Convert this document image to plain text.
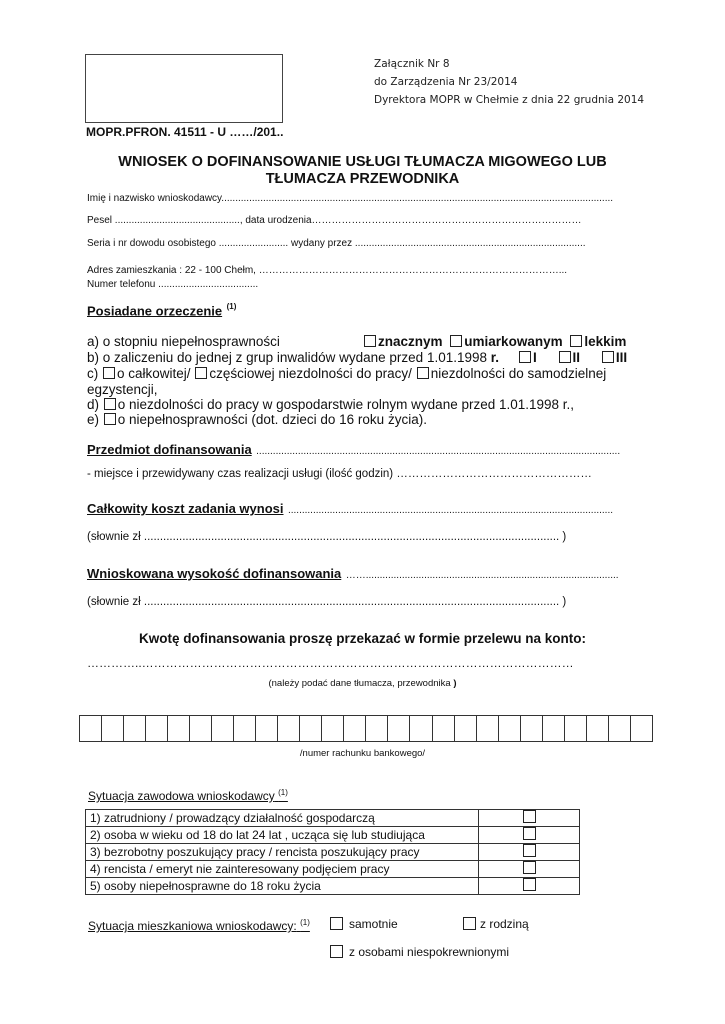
Załącznik Nr 8
do Zarządzenia Nr 23/2014
Dyrektora MOPR w Chełmie z dnia 22 grudnia 2014
MOPR.PFRON. 41511 - U ……/201..
WNIOSEK O DOFINANSOWANIE USŁUGI TŁUMACZA MIGOWEGO LUB
TŁUMACZA PRZEWODNIKA
Imię i nazwisko wnioskodawcy.............................................................................................................................................
Pesel ............................................., data urodzenia………………………………………………………………………
Seria i nr dowodu osobistego ......................... wydany przez ...................................................................................
Adres zamieszkania : 22 - 100 Chełm, ………………………………………………………………………………...
Numer telefonu ....................................
Posiadane orzeczenie $^{(1)}$
a) o stopniu niepełnosprawności	znacznym umiarkowanym lekkim
b) o zaliczeniu do jednej z grup inwalidów wydane przed 1.01.1998 r.	I	II	III
c) o całkowitej/ częściowej niezdolności do pracy/ niezdolności do samodzielnej
egzystencji,
d) o niezdolności do pracy w gospodarstwie rolnym wydane przed 1.01.1998 r.,
e) o niepełnosprawności (dot. dzieci do 16 roku życia).
Przedmiot dofinansowania ...................................................................................................................................
- miejsce i przewidywany czas realizacji usługi (ilość godzin) ……………………………………………
Całkowity koszt zadania wynosi .....................................................................................................................
(słownie zł .................................................................................................................................. )
Wnioskowana wysokość dofinansowania ……...........................................................................................
(słownie zł .................................................................................................................................. )
Kwotę dofinansowania proszę przekazać w formie przelewu na konto:
…………..………………………………………………………………………………………………
(należy podać dane tłumacza, przewodnika )
/numer rachunku bankowego/
Sytuacja zawodowa wnioskodawcy $^{(1)}$
1) zatrudniony / prowadzący działalność gospodarczą	
2) osoba w wieku od 18 do lat 24 lat , ucząca się lub studiująca	
3) bezrobotny poszukujący pracy / rencista poszukujący pracy	
4) rencista / emeryt nie zainteresowany podjęciem pracy	
5) osoby niepełnosprawne do 18 roku życia	
Sytuacja mieszkaniowa wnioskodawcy: $^{(1)}$	samotnie	z rodziną
z osobami niespokrewnionymi
